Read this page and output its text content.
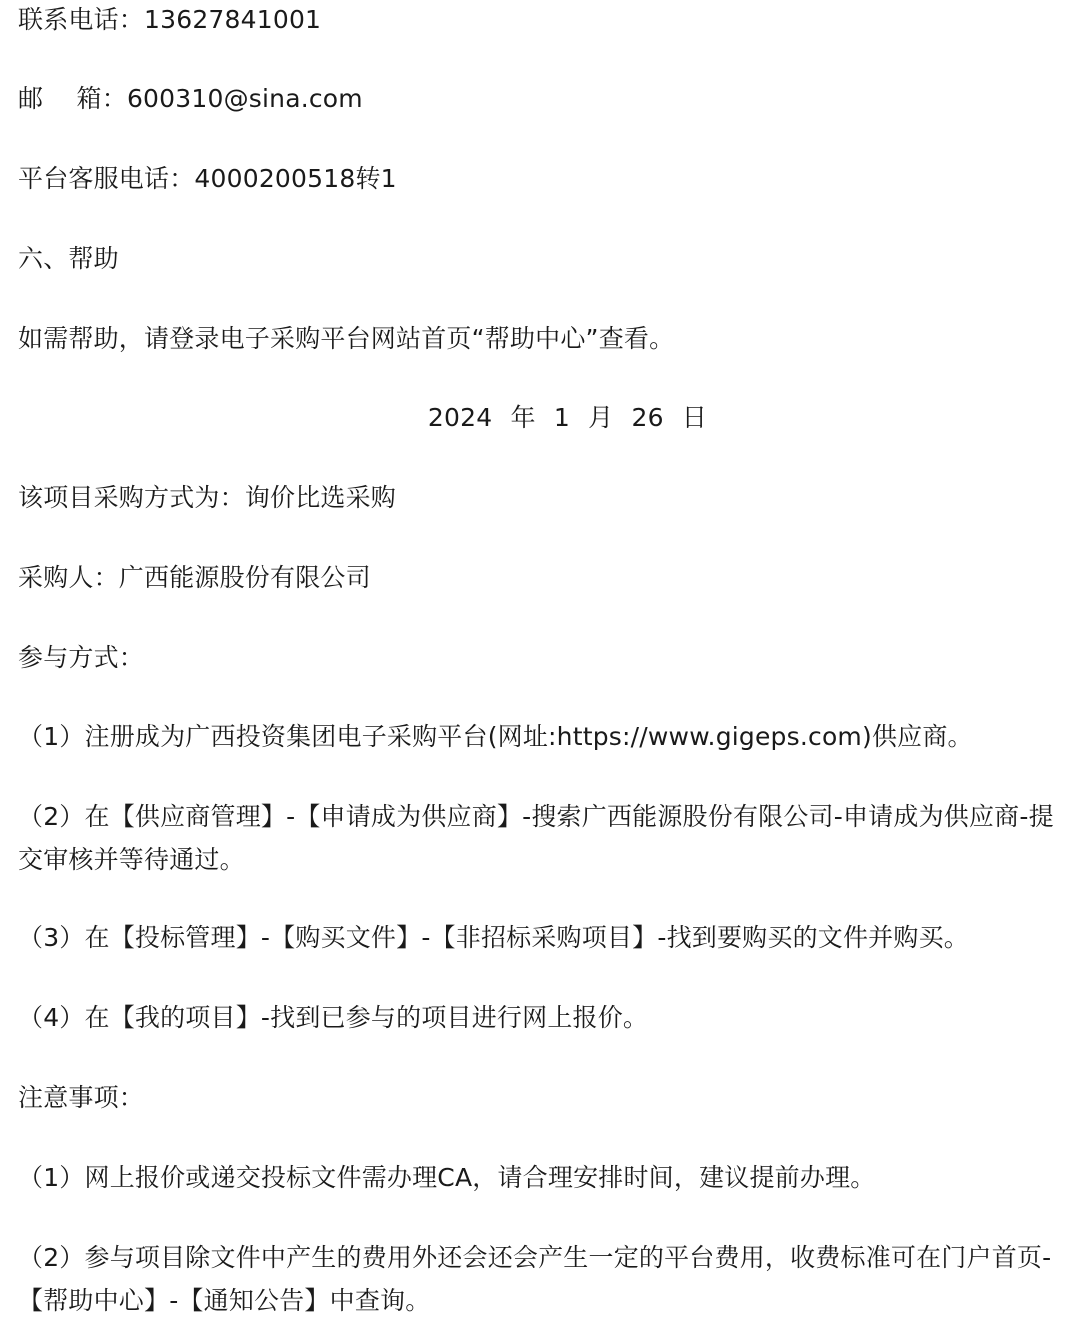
联系电话：13627841001
邮　 箱：600310@sina.com
平台客服电话：4000200518转1
六、帮助
如需帮助，请登录电子采购平台网站首页“帮助中心”查看。
2024 年 1 月 26 日
该项目采购方式为：询价比选采购
采购人：广西能源股份有限公司
参与方式：
（1）注册成为广西投资集团电子采购平台(网址:https://www.gigeps.com)供应商。
（2）在【供应商管理】-【申请成为供应商】-搜索广西能源股份有限公司-申请成为供应商-提交审核并等待通过。
（3）在【投标管理】-【购买文件】-【非招标采购项目】-找到要购买的文件并购买。
（4）在【我的项目】-找到已参与的项目进行网上报价。
注意事项：
（1）网上报价或递交投标文件需办理CA，请合理安排时间，建议提前办理。
（2）参与项目除文件中产生的费用外还会还会产生一定的平台费用，收费标准可在门户首页-【帮助中心】-【通知公告】中查询。
